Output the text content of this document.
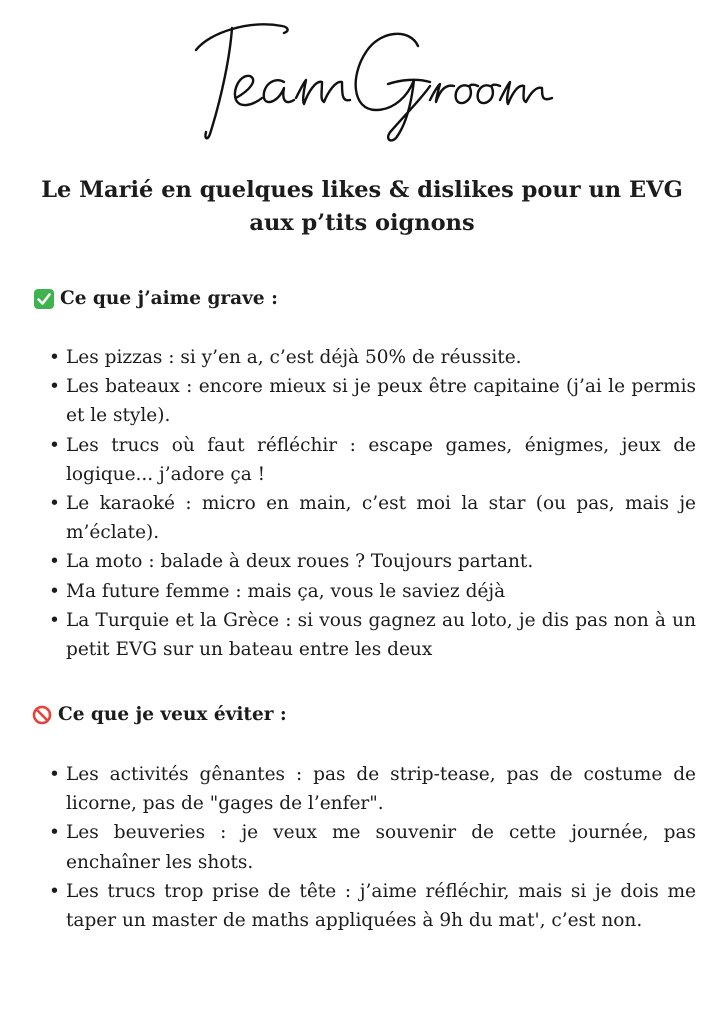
Le Marié en quelques likes & dislikes pour un EVG aux p’tits oignons
Ce que j’aime grave :
• Les pizzas : si y’en a, c’est déjà 50% de réussite.
• Les bateaux : encore mieux si je peux être capitaine (j’ai le permis et le style).
• Les trucs où faut réfléchir : escape games, énigmes, jeux de logique... j’adore ça !
• Le karaoké : micro en main, c’est moi la star (ou pas, mais je m’éclate).
• La moto : balade à deux roues ? Toujours partant.
• Ma future femme : mais ça, vous le saviez déjà
• La Turquie et la Grèce : si vous gagnez au loto, je dis pas non à un petit EVG sur un bateau entre les deux
Ce que je veux éviter :
• Les activités gênantes : pas de strip-tease, pas de costume de licorne, pas de "gages de l’enfer".
• Les beuveries : je veux me souvenir de cette journée, pas enchaîner les shots.
• Les trucs trop prise de tête : j’aime réfléchir, mais si je dois me taper un master de maths appliquées à 9h du mat', c’est non.
